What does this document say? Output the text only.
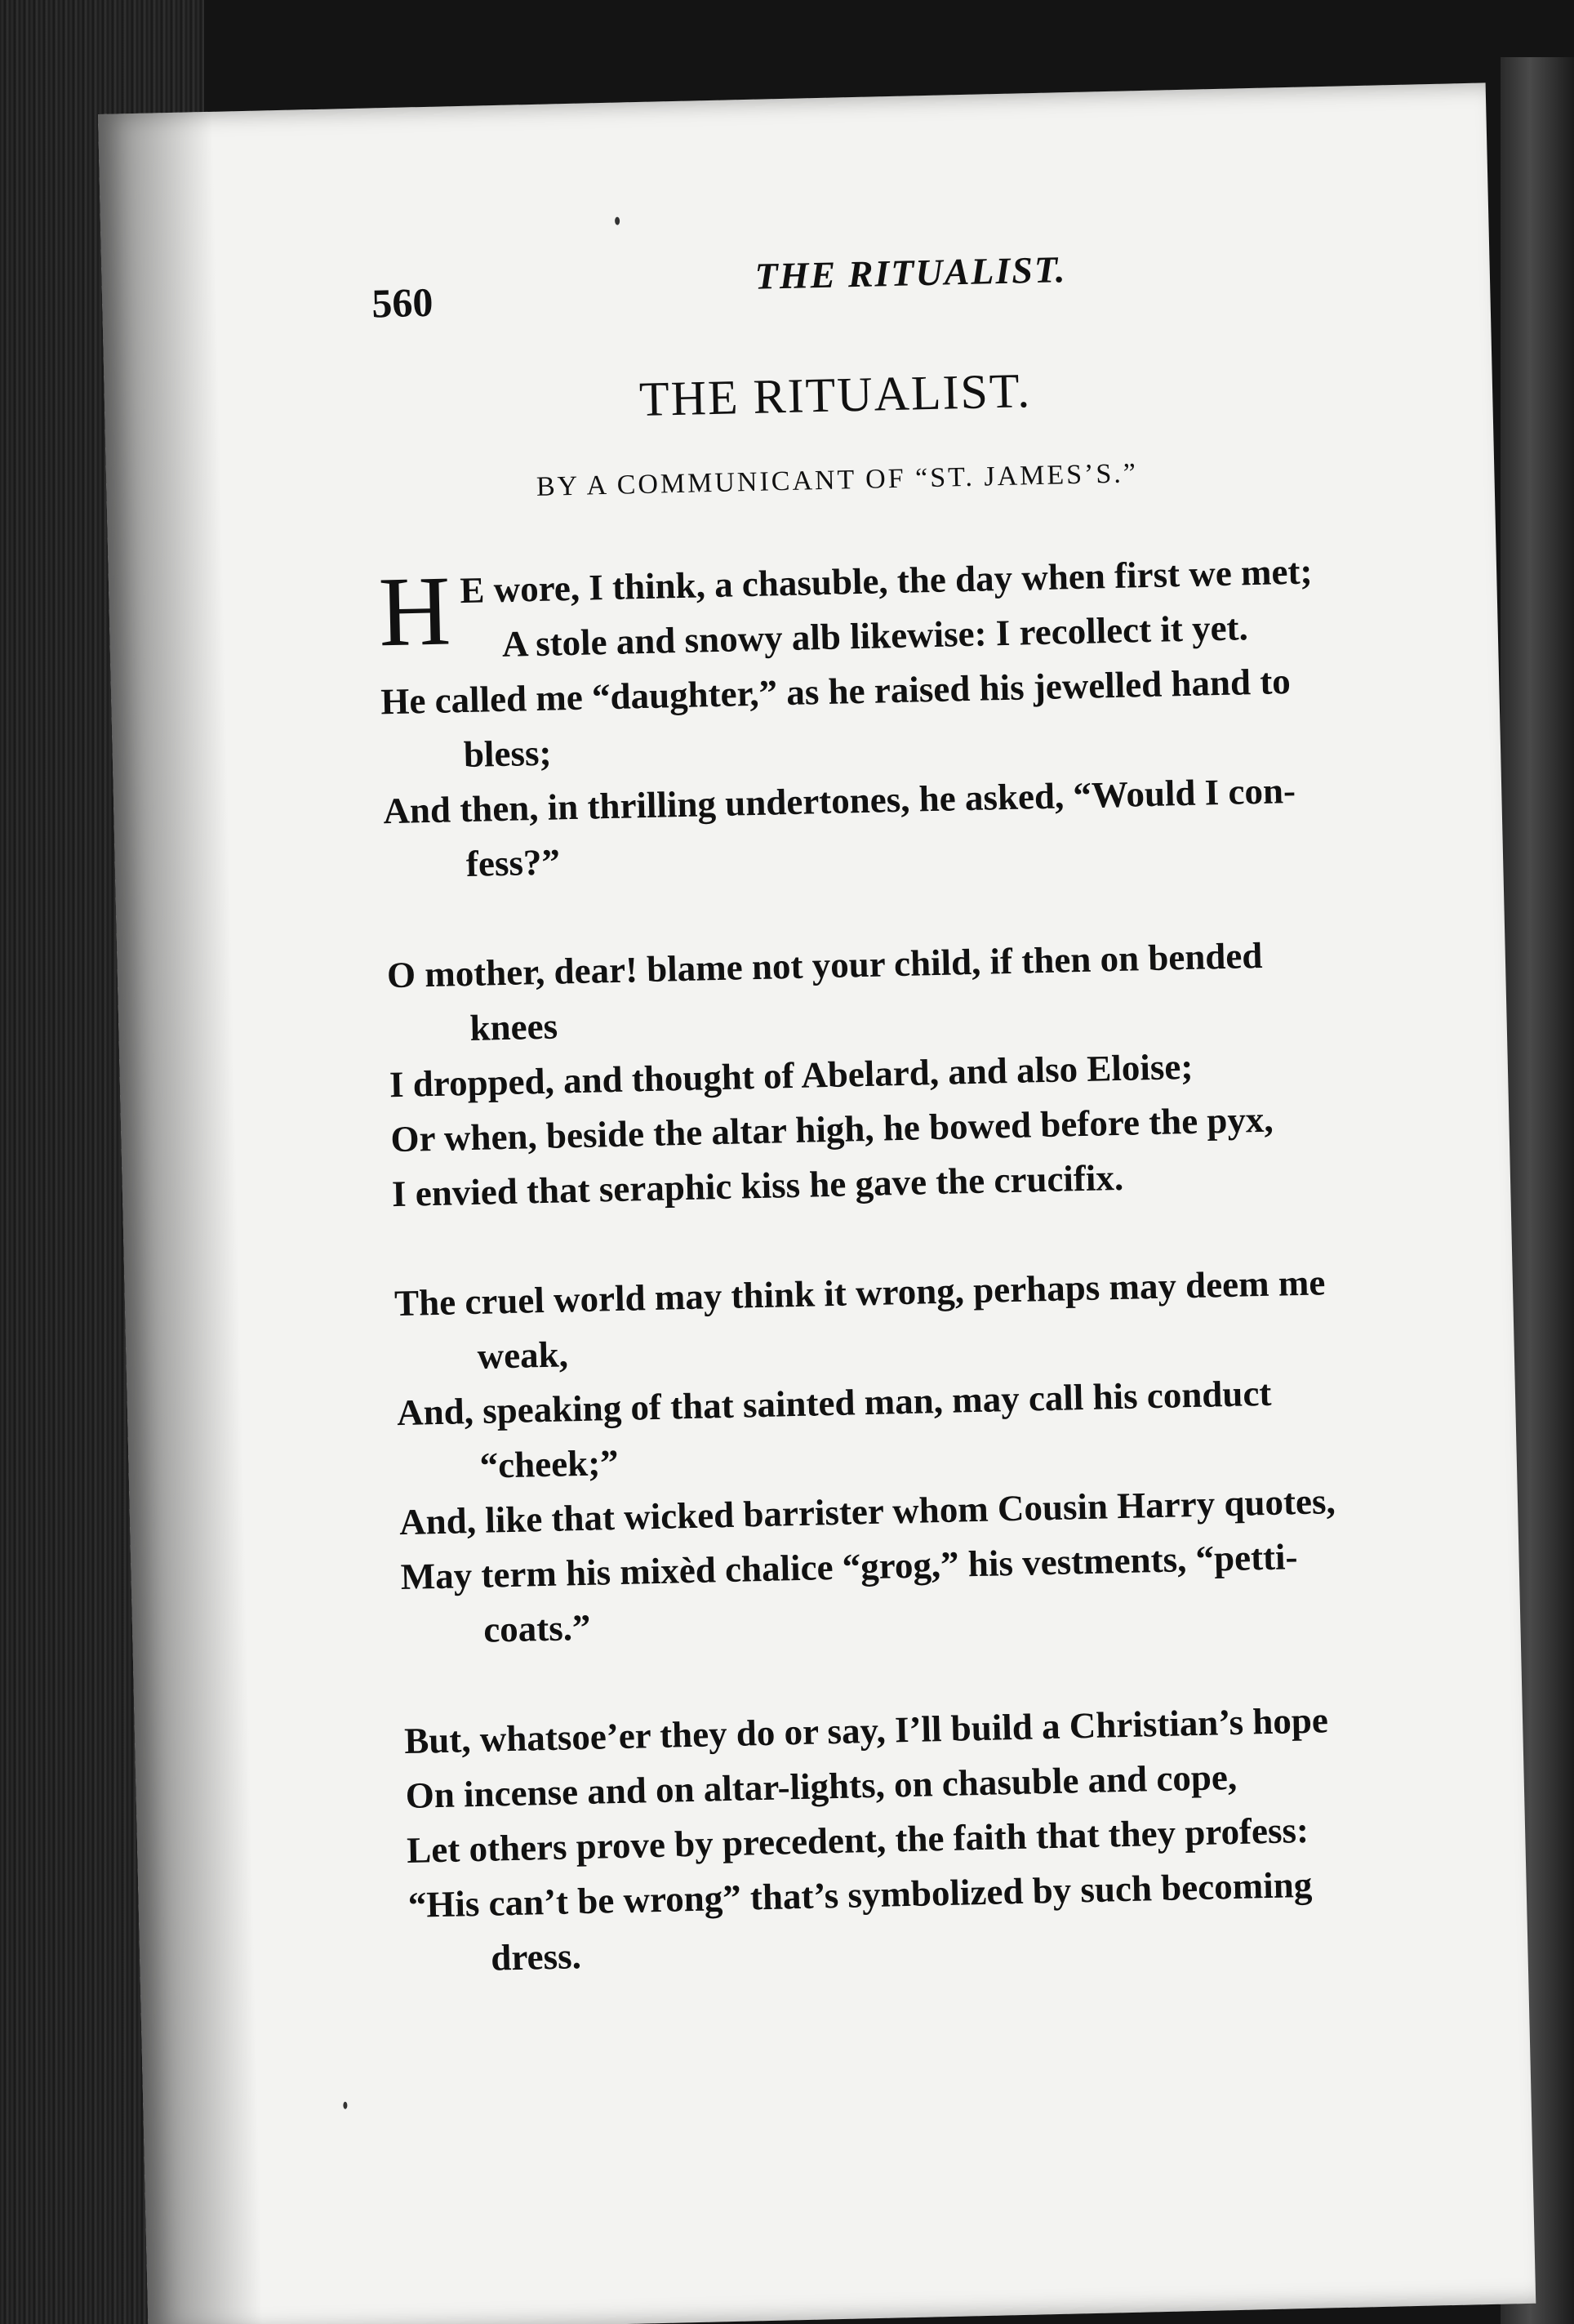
560
THE RITUALIST.
THE RITUALIST.
BY A COMMUNICANT OF “ST. JAMES’S.”
H E wore, I think, a chasuble, the day when first we met;
A stole and snowy alb likewise: I recollect it yet.
He called me “daughter,” as he raised his jewelled hand to
bless;
And then, in thrilling undertones, he asked, “Would I con-
fess?”
O mother, dear! blame not your child, if then on bended
knees
I dropped, and thought of Abelard, and also Eloise;
Or when, beside the altar high, he bowed before the pyx,
I envied that seraphic kiss he gave the crucifix.
The cruel world may think it wrong, perhaps may deem me
weak,
And, speaking of that sainted man, may call his conduct
“cheek;”
And, like that wicked barrister whom Cousin Harry quotes,
May term his mixèd chalice “grog,” his vestments, “petti-
coats.”
But, whatsoe’er they do or say, I’ll build a Christian’s hope
On incense and on altar-lights, on chasuble and cope,
Let others prove by precedent, the faith that they profess:
“His can’t be wrong” that’s symbolized by such becoming
dress.
